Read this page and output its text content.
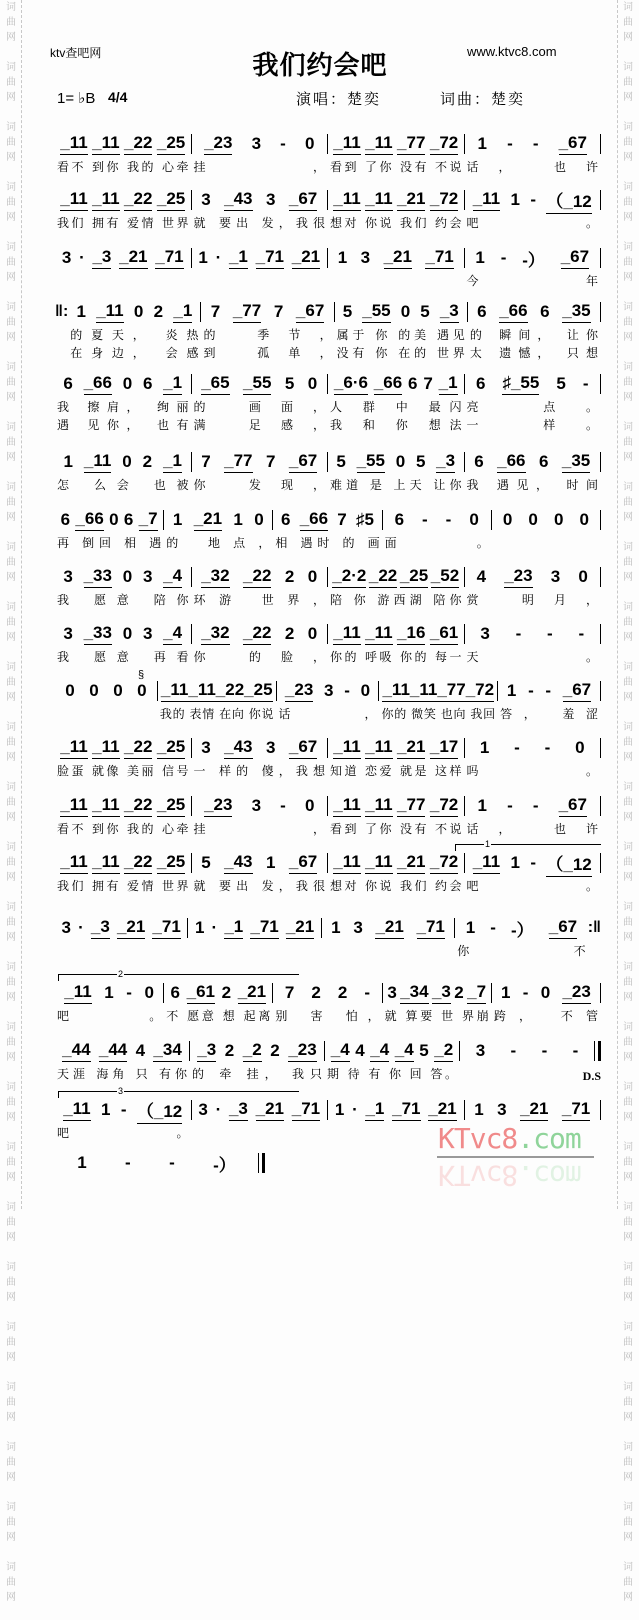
词
曲
网

词
曲
网

词
曲
网

词
曲
网

词
曲
网

词
曲
网

词
曲
网

词
曲
网

词
曲
网

词
曲
网

词
曲
网

词
曲
网

词
曲
网

词
曲
网

词
曲
网

词
曲
网

词
曲
网

词
曲
网

词
曲
网

词
曲
网

词
曲
网

词
曲
网

词
曲
网

词
曲
网

词
曲
网

词
曲
网

词
曲
网

词
曲
网

词
曲
网

词
曲
网

词
曲
网

词
曲
网

词
曲
网

词
曲
网

词
曲
网

词
曲
网

词
曲
网

词
曲
网

词
曲
网

词
曲
网

词
曲
网

词
曲
网

词
曲
网

词
曲
网

词
曲
网

词
曲
网

词
曲
网

词
曲
网

词
曲
网

词
曲
网

词
曲
网

词
曲
网

词
曲
网

词
曲
网

ktv查吧网	www.ktvc8.com
我们约会吧
1= ♭B 4/4	演唱：楚奕	词曲：楚奕
_11 _11 _22 _25
看不 到你 我的 心牵
_23 3 - 0
挂，
_11 _11 _77 _72
看到 了你 没有 不说
1 - - _67
话， 也许
_11 _11 _22 _25
我们 拥有 爱情 世界
3 _43 3 _67
就 要出 发，我很
_11 _11 _21 _72
想对 你说 我们 约会
_11 1 - （_12
吧。
3 · _3 _21 _71 1 · _1 _71 _21 1 3 _21 _71 1 - -） _67
今年
‖: 1 _11 0 2 _1
的夏天， 炎热
在身边， 会感
7 _77 7 _67
的 季节，
到 孤单，
5 _55 0 5 _3
属于 你 的美 遇见
没有 你 在的 世界
6 _66 6 _35
的 瞬间， 让你
太 遗憾， 只想
6 _66 0 6 _1
我 擦肩， 绚丽
遇 见你， 也有
_65 _55 5 0
的 画面，
满 足感，
_6·6 _66 6 7 _1
人 群 中 最闪
我 和 你 想法
6 ♯_55 5 -
亮 点。
一 样。
1 _11 0 2 _1
怎 么会 也被
7 _77 7 _67
你 发现，
5 _55 0 5 _3
难道 是 上天 让你
6 _66 6 _35
我 遇见， 时间
6 _66 0 6 _7
再 倒回 相 遇
1 _21 1 0
的 地点，
6 _66 7 ♯5
相 遇时 的 画
6 - - 0
面。
0 0 0 0
3 _33 0 3 _4
我 愿意 陪你
_32 _22 2 0
环游 世界，
_2·2 _22 _25 _52
陪 你 游西湖 陪你
4 _23 3 0
赏 明月，
3 _33 0 3 _4
我 愿意 再看
_32 _22 2 0
你 的脸，
_11 _11 _16 _61
你的 呼吸 你的 每一
3 - - -
天。
0 0 0 0 _11 _11 _22 _25
我的 表情 在向 你说
_23 3 - 0
话，
_11 _11 _77 _72
你的 微笑 也向 我回
1 - - _67
答， 羞涩
§
_11 _11 _22 _25
脸蛋 就像 美丽 信号
3 _43 3 _67
一 样的 傻，我想
_11 _11 _21 _17
知道 恋爱 就是 这样
1 - - 0
吗。
_11 _11 _22 _25
看不 到你 我的 心牵
_23 3 - 0
挂，
_11 _11 _77 _72
看到 了你 没有 不说
1 - - _67
话， 也许
_11 _11 _22 _25
我们 拥有 爱情 世界
5 _43 1 _67
就 要出 发，我很
_11 _11 _21 _72
想对 你说 我们 约会
_11 1 - （_12
吧。
3 · _3 _21 _71 1 · _1 _71 _21 1 3 _21 _71 1 - -） _67
你不
:‖
_11 1 - 0
吧。
6 _61 2 _21
不 愿意 想 起离
7 2 2 -
别 害 怕，
3 _34 _3 2 _7
就 算要 世 界崩
1 - 0 _23
跨， 不管
_44 _44 4 _34
天涯 海角 只 有你
_3 2 _2 2 _23
的 牵 挂， 我只
_4 4 _4 _4 5 _2
期 待 有 你 回 答。
3 - - -
D.S
_11 1 - （_12
吧。
3 · _3 _21 _71 1 · _1 _71 _21 1 3 _21 _71
1 - - -）
KTvc8.com
KTvc8.com
1
2
3
